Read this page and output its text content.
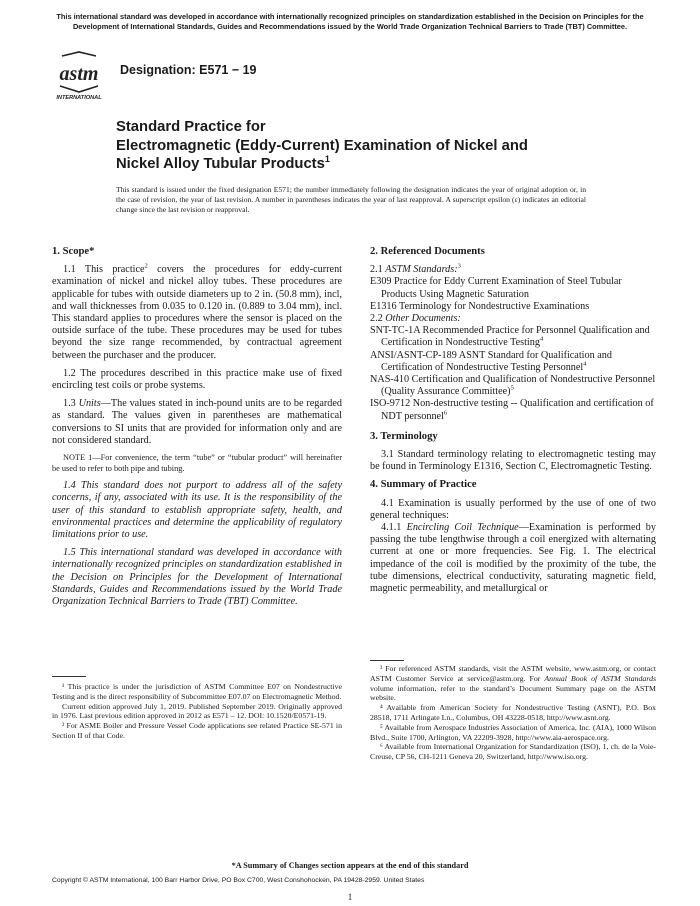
This international standard was developed in accordance with internationally recognized principles on standardization established in the Decision on Principles for the Development of International Standards, Guides and Recommendations issued by the World Trade Organization Technical Barriers to Trade (TBT) Committee.
astm
INTERNATIONAL
Designation: E571 − 19
Standard Practice for
Electromagnetic (Eddy-Current) Examination of Nickel and
Nickel Alloy Tubular Products$^1$
This standard is issued under the fixed designation E571; the number immediately following the designation indicates the year of original adoption or, in the case of revision, the year of last revision. A number in parentheses indicates the year of last reapproval. A superscript epsilon (ε) indicates an editorial change since the last revision or reapproval.
1. Scope*
1.1 This practice$^2$ covers the procedures for eddy-current examination of nickel and nickel alloy tubes. These procedures are applicable for tubes with outside diameters up to 2 in. (50.8 mm), incl, and wall thicknesses from 0.035 to 0.120 in. (0.889 to 3.04 mm), incl. This standard applies to procedures where the sensor is placed on the outside surface of the tube. These procedures may be used for tubes beyond the size range recommended, by contractual agreement between the purchaser and the producer.
1.2 The procedures described in this practice make use of fixed encircling test coils or probe systems.
1.3 Units—The values stated in inch-pound units are to be regarded as standard. The values given in parentheses are mathematical conversions to SI units that are provided for information only and are not considered standard.
NOTE 1—For convenience, the term “tube” or “tubular product” will hereinafter be used to refer to both pipe and tubing.
1.4 This standard does not purport to address all of the safety concerns, if any, associated with its use. It is the responsibility of the user of this standard to establish appropriate safety, health, and environmental practices and determine the applicability of regulatory limitations prior to use.
1.5 This international standard was developed in accordance with internationally recognized principles on standardization established in the Decision on Principles for the Development of International Standards, Guides and Recommendations issued by the World Trade Organization Technical Barriers to Trade (TBT) Committee.
¹ This practice is under the jurisdiction of ASTM Committee E07 on Nondestructive Testing and is the direct responsibility of Subcommittee E07.07 on Electromagnetic Method.
Current edition approved July 1, 2019. Published September 2019. Originally approved in 1976. Last previous edition approved in 2012 as E571 – 12. DOI: 10.1520/E0571-19.
² For ASME Boiler and Pressure Vessel Code applications see related Practice SE-571 in Section II of that Code.
2. Referenced Documents
2.1 ASTM Standards:$^3$
E309 Practice for Eddy Current Examination of Steel Tubular Products Using Magnetic Saturation
E1316 Terminology for Nondestructive Examinations
2.2 Other Documents:
SNT-TC-1A Recommended Practice for Personnel Qualification and Certification in Nondestructive Testing$^4$
ANSI/ASNT-CP-189 ASNT Standard for Qualification and Certification of Nondestructive Testing Personnel$^4$
NAS-410 Certification and Qualification of Nondestructive Personnel (Quality Assurance Committee)$^5$
ISO-9712 Non-destructive testing -- Qualification and certification of NDT personnel$^6$
3. Terminology
3.1 Standard terminology relating to electromagnetic testing may be found in Terminology E1316, Section C, Electromagnetic Testing.
4. Summary of Practice
4.1 Examination is usually performed by the use of one of two general techniques:
4.1.1 Encircling Coil Technique—Examination is performed by passing the tube lengthwise through a coil energized with alternating current at one or more frequencies. See Fig. 1. The electrical impedance of the coil is modified by the proximity of the tube, the tube dimensions, electrical conductivity, saturating magnetic field, magnetic permeability, and metallurgical or
³ For referenced ASTM standards, visit the ASTM website, www.astm.org, or contact ASTM Customer Service at service@astm.org. For Annual Book of ASTM Standards volume information, refer to the standard’s Document Summary page on the ASTM website.
⁴ Available from American Society for Nondestructive Testing (ASNT), P.O. Box 28518, 1711 Arlingate Ln., Columbus, OH 43228-0518, http://www.asnt.org.
⁵ Available from Aerospace Industries Association of America, Inc. (AIA), 1000 Wilson Blvd., Suite 1700, Arlington, VA 22209-3928, http://www.aia-aerospace.org.
⁶ Available from International Organization for Standardization (ISO), 1, ch. de la Voie-Creuse, CP 56, CH-1211 Geneva 20, Switzerland, http://www.iso.org.
*A Summary of Changes section appears at the end of this standard
Copyright © ASTM International, 100 Barr Harbor Drive, PO Box C700, West Conshohocken, PA 19428-2959. United States
1
